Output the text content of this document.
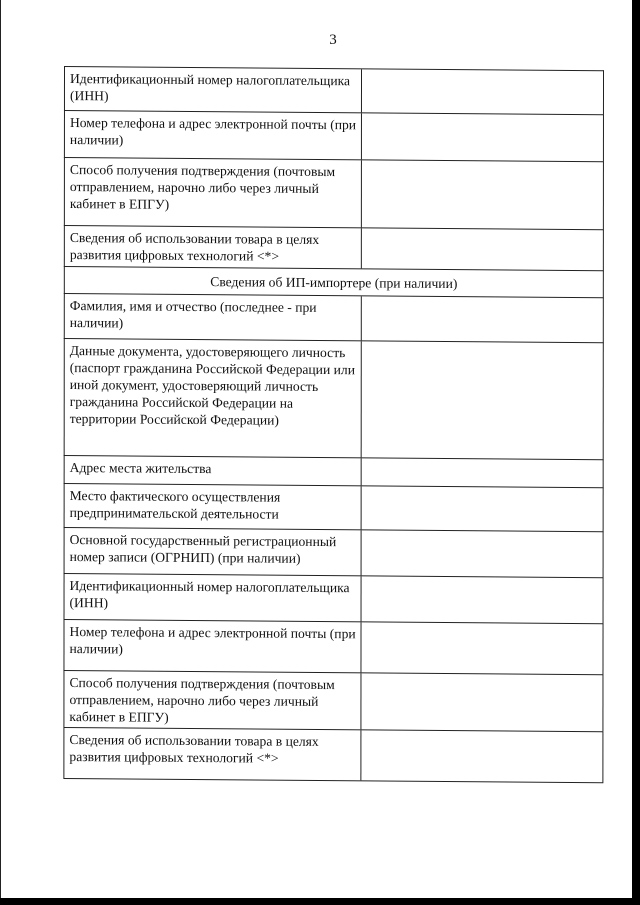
3
Идентификационный номер налогоплательщика (ИНН)
Номер телефона и адрес электронной почты (при наличии)
Способ получения подтверждения (почтовым отправлением, нарочно либо через личный кабинет в ЕПГУ)
Сведения об использовании товара в целях развития цифровых технологий <*>
Сведения об ИП-импортере (при наличии)
Фамилия, имя и отчество (последнее - при наличии)
Данные документа, удостоверяющего личность (паспорт гражданина Российской Федерации или иной документ, удостоверяющий личность гражданина Российской Федерации на территории Российской Федерации)
Адрес места жительства
Место фактического осуществления предпринимательской деятельности
Основной государственный регистрационный номер записи (ОГРНИП) (при наличии)
Идентификационный номер налогоплательщика (ИНН)
Номер телефона и адрес электронной почты (при наличии)
Способ получения подтверждения (почтовым отправлением, нарочно либо через личный кабинет в ЕПГУ)
Сведения об использовании товара в целях развития цифровых технологий <*>
